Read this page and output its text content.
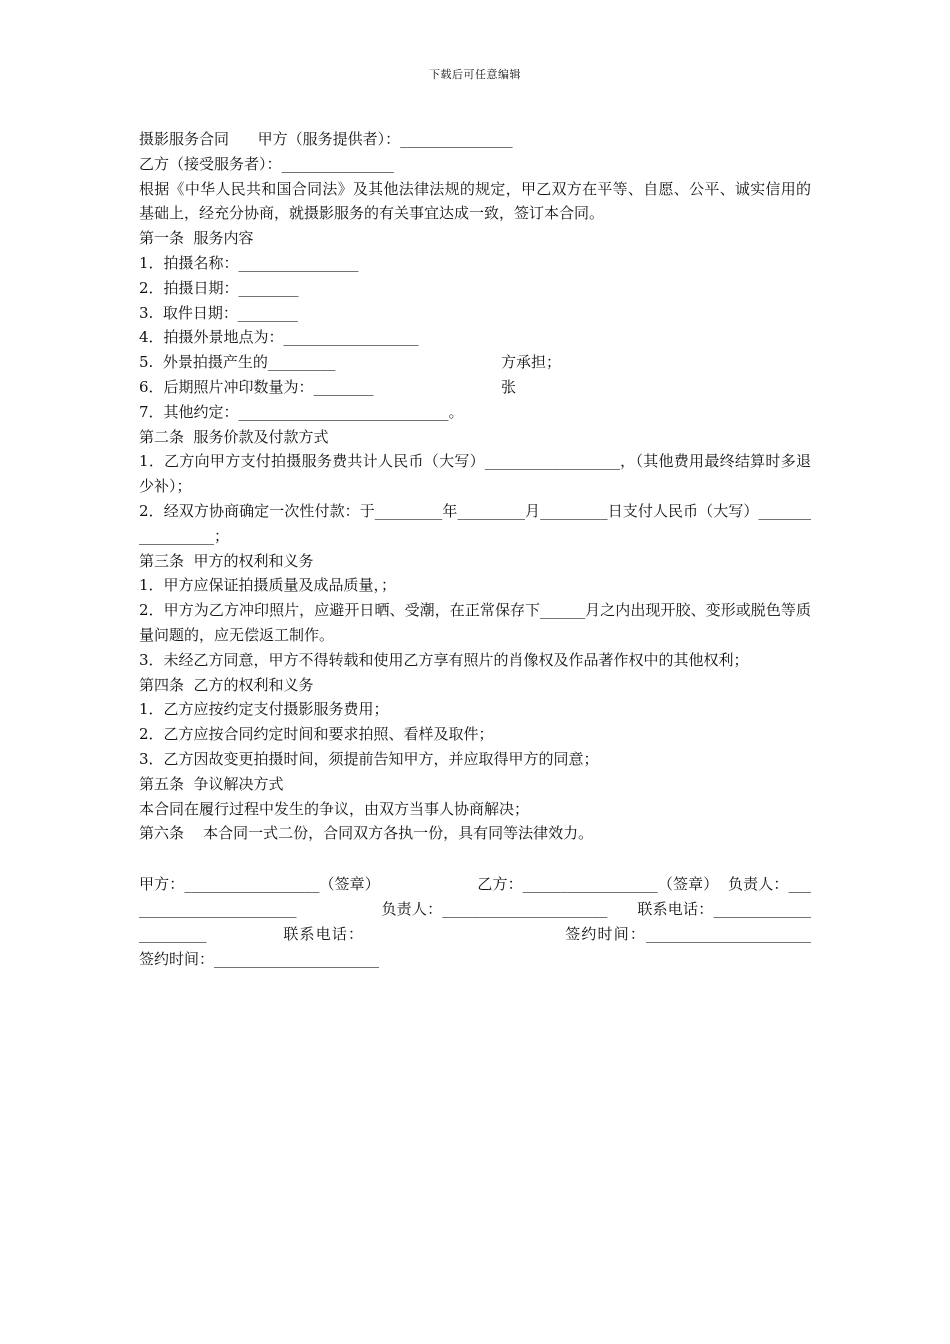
下载后可任意编辑
摄影服务合同      甲方（服务提供者）：_______________
乙方（接受服务者）：_______________
根据《中华人民共和国合同法》及其他法律法规的规定，甲乙双方在平等、自愿、公平、诚实信用的基础上，经充分协商，就摄影服务的有关事宜达成一致，签订本合同。
第一条  服务内容
1．拍摄名称：________________
2．拍摄日期：________
3.  取件日期：________
4．拍摄外景地点为：__________________
5.  外景拍摄产生的_________	方承担；
6．后期照片冲印数量为：________	张
7．其他约定：____________________________。
第二条  服务价款及付款方式
1．乙方向甲方支付拍摄服务费共计人民币（大写）__________________，（其他费用最终结算时多退少补）；
2．经双方协商确定一次性付款：于_________年_________月_________日支付人民币（大写）_________________；
第三条  甲方的权利和义务
1．甲方应保证拍摄质量及成品质量，；
2．甲方为乙方冲印照片，应避开日晒、受潮，在正常保存下______月之内出现开胶、变形或脱色等质量问题的，应无偿返工制作。
3．未经乙方同意，甲方不得转载和使用乙方享有照片的肖像权及作品著作权中的其他权利；
第四条  乙方的权利和义务
1．乙方应按约定支付摄影服务费用；
2．乙方应按合同约定时间和要求拍照、看样及取件；
3．乙方因故变更拍摄时间，须提前告知甲方，并应取得甲方的同意；
第五条  争议解决方式
本合同在履行过程中发生的争议，由双方当事人协商解决；
第六条    本合同一式二份，合同双方各执一份，具有同等法律效力。
甲方：__________________（签章）                    乙方：__________________（签章）  负责人：________________________                 负责人：______________________      联系电话：______________________             联系电话：                                  签约时间：______________________                   签约时间：______________________
